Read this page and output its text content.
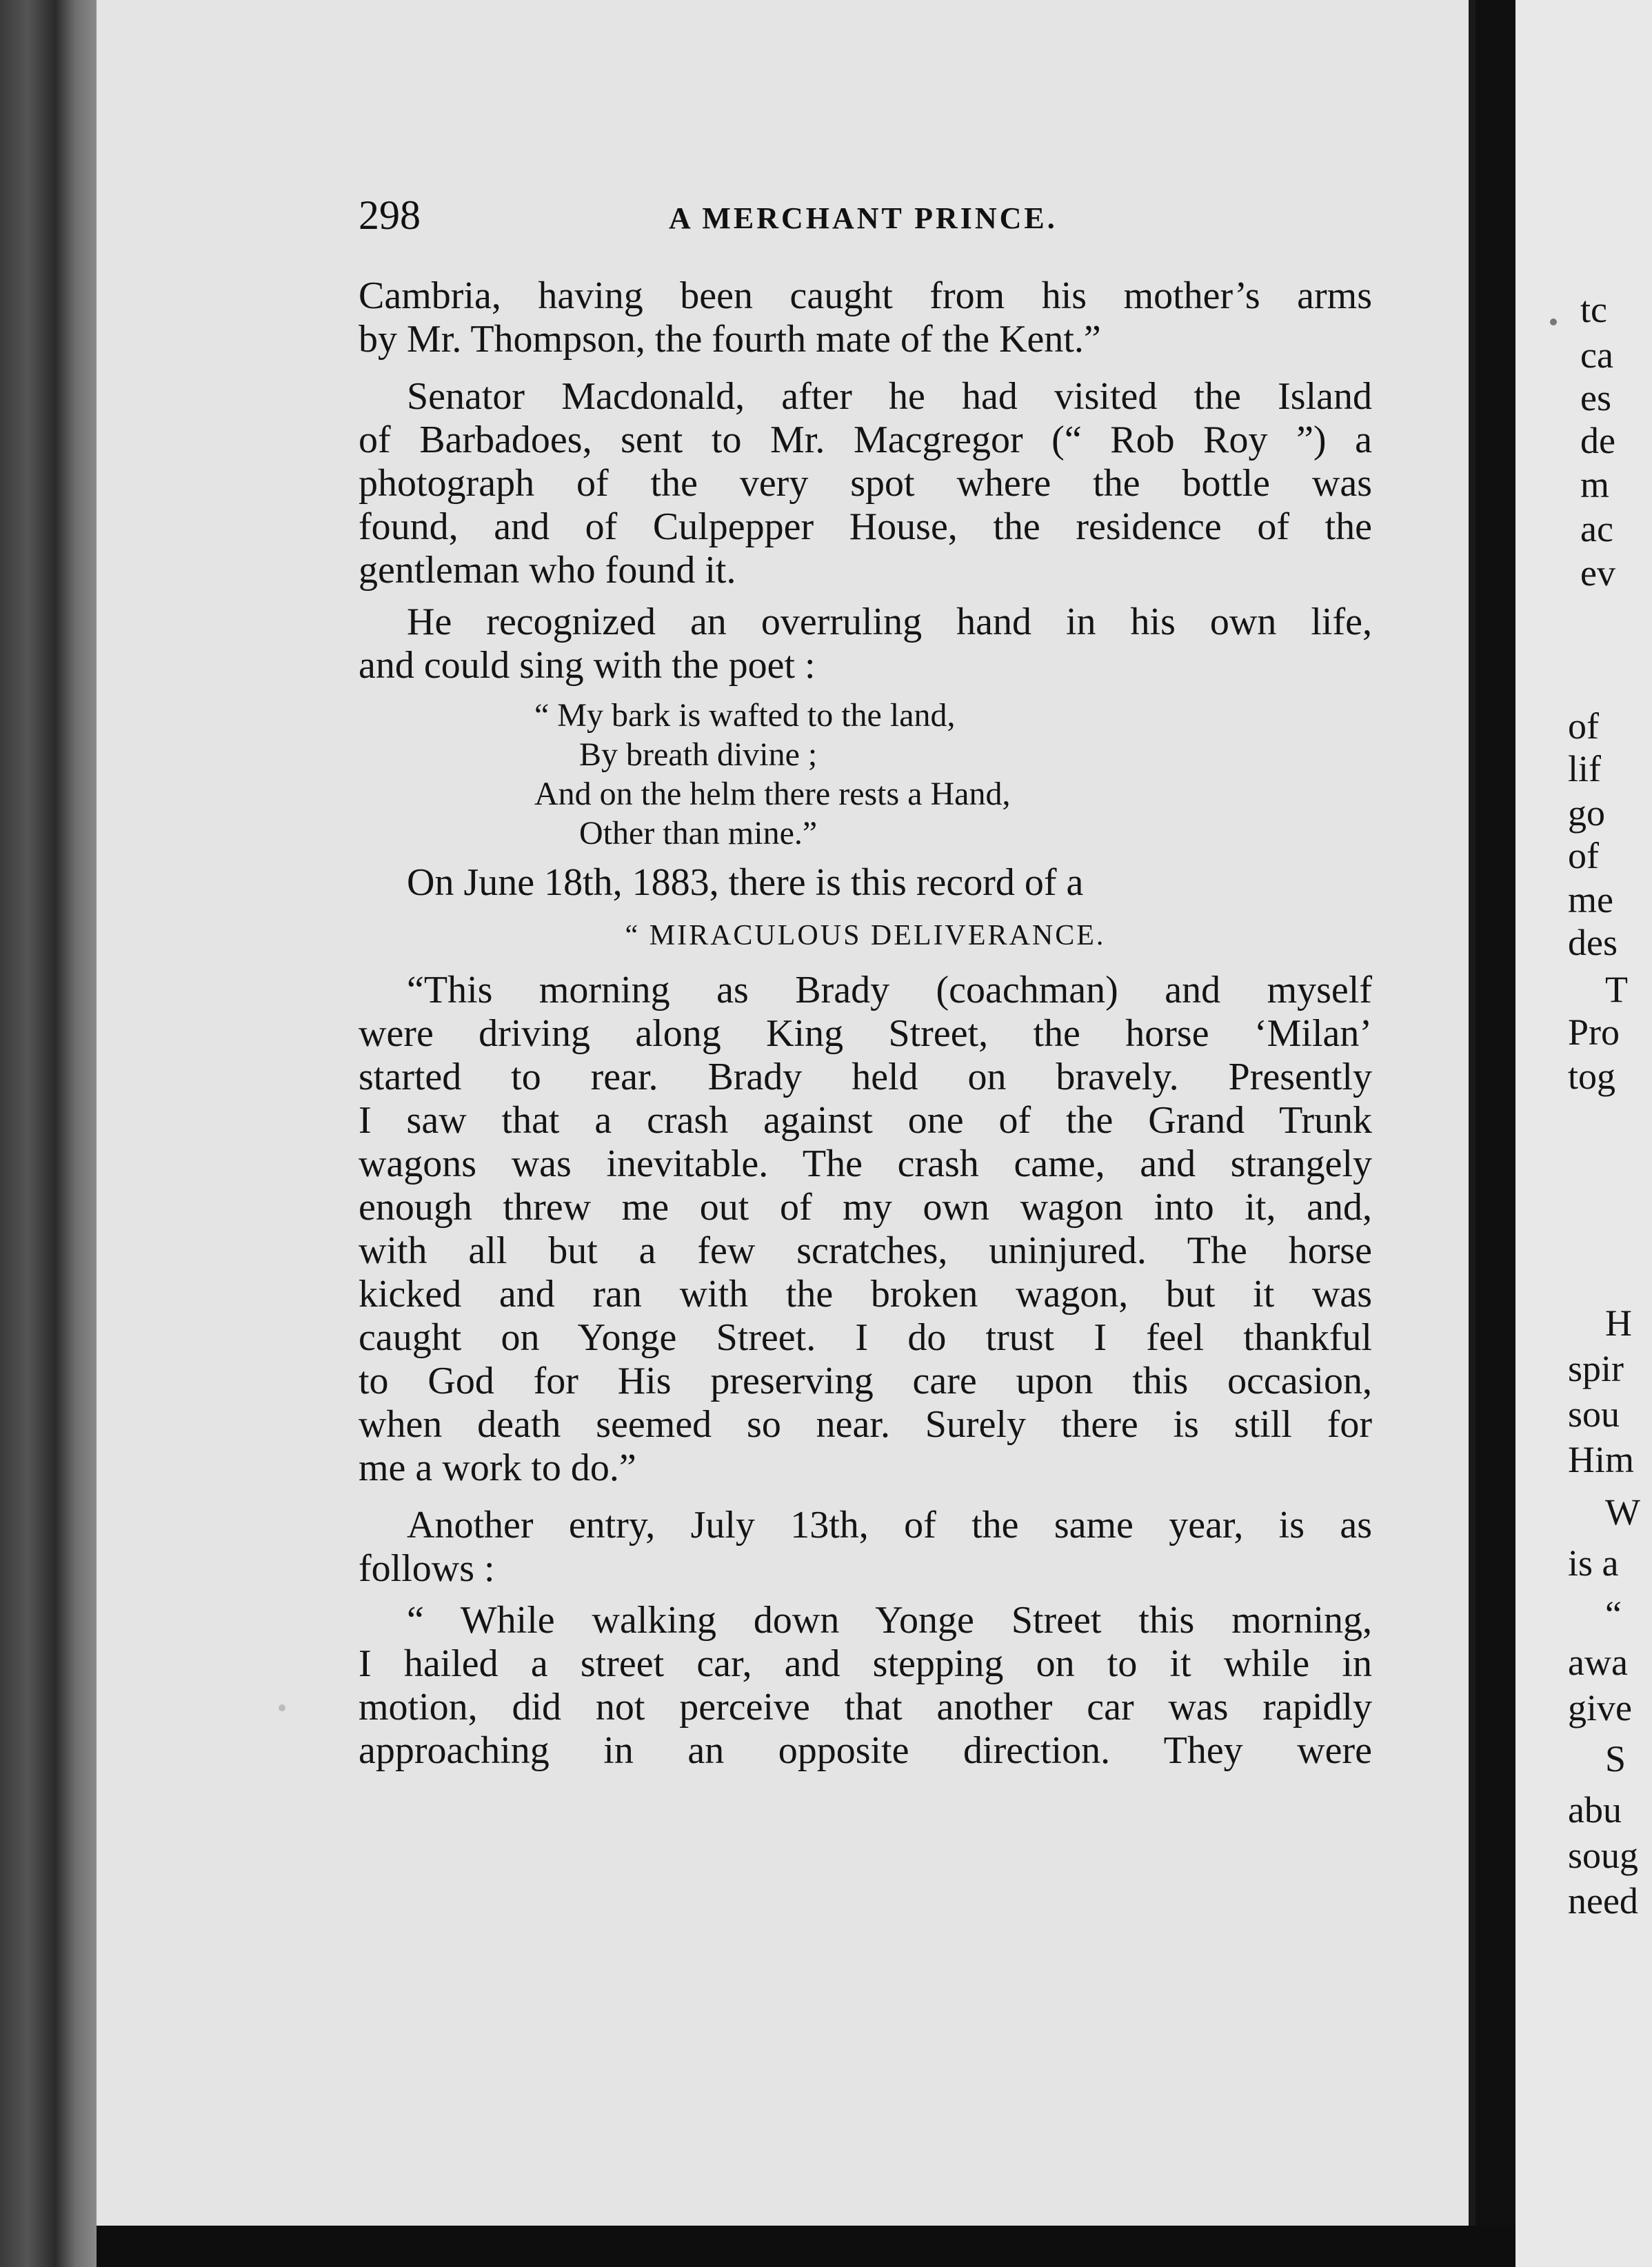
298	A MERCHANT PRINCE.
Cambria, having been caught from his mother’s arms
by Mr. Thompson, the fourth mate of the Kent.”
Senator Macdonald, after he had visited the Island
of Barbadoes, sent to Mr. Macgregor (“ Rob Roy ”) a
photograph of the very spot where the bottle was
found, and of Culpepper House, the residence of the
gentleman who found it.
He recognized an overruling hand in his own life,
and could sing with the poet :
“ My bark is wafted to the land,
By breath divine ;
And on the helm there rests a Hand,
Other than mine.”
On June 18th, 1883, there is this record of a
“ MIRACULOUS DELIVERANCE.
“This morning as Brady (coachman) and myself
were driving along King Street, the horse ‘Milan’
started to rear. Brady held on bravely. Presently
I saw that a crash against one of the Grand Trunk
wagons was inevitable. The crash came, and strangely
enough threw me out of my own wagon into it, and,
with all but a few scratches, uninjured. The horse
kicked and ran with the broken wagon, but it was
caught on Yonge Street. I do trust I feel thankful
to God for His preserving care upon this occasion,
when death seemed so near. Surely there is still for
me a work to do.”
Another entry, July 13th, of the same year, is as
follows :
“ While walking down Yonge Street this morning,
I hailed a street car, and stepping on to it while in
motion, did not perceive that another car was rapidly
approaching in an opposite direction. They were
tc
ca
es
de
m
ac
ev
of
lif
go
of
me
des
T
Pro
tog
H
spir
sou
Him
W
is a
“
awa
give
S
abu
soug
need
